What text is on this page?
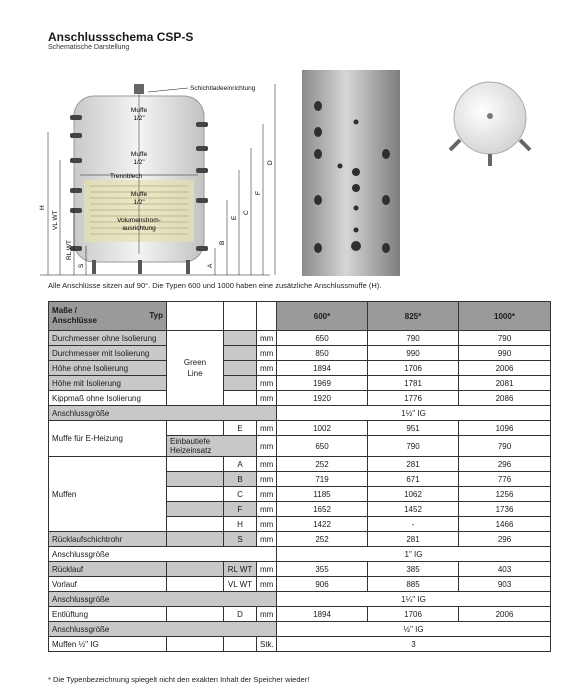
Anschlussschema CSP-S
Schematische Darstellung
Schichtladeeinrichtung
Muffe
1/2"
Muffe
1/2"
Trennblech
Muffe
1/2"
Volumenstrom-
ausrichtung
H
VL WT
RL WT
S	A
B
E
C
F
D
Alle Anschlüsse sitzen auf 90°. Die Typen 600 und 1000 haben eine zusätzliche Anschlussmuffe (H).
Maße /
Anschlüsse
Typ				600*	825*	1000*
Durchmesser ohne Isolierung	Green
Line		mm	650	790	790
Durchmesser mit Isolierung			mm	850	990	990
Höhe ohne Isolierung			mm	1894	1706	2006
Höhe mit Isolierung			mm	1969	1781	2081
Kippmaß ohne Isolierung			mm	1920	1776	2086
Anschlussgröße				1½" IG		
Muffe für E-Heizung		E	mm	1002	951	1096
	Einbautiefe
Heizeinsatz		mm	650	790	790
Muffen		A	mm	252	281	296
		B	mm	719	671	776
		C	mm	1185	1062	1256
		F	mm	1652	1452	1736
		H	mm	1422	-	1466
Rücklaufschichtrohr		S	mm	252	281	296
Anschlussgröße				1" IG		
Rücklauf		RL WT	mm	355	385	403
Vorlauf		VL WT	mm	906	885	903
Anschlussgröße				1¼" IG		
Entlüftung		D	mm	1894	1706	2006
Anschlussgröße				½" IG		
Muffen ½" IG			Stk.	3		
* Die Typenbezeichnung spiegelt nicht den exakten Inhalt der Speicher wieder!
